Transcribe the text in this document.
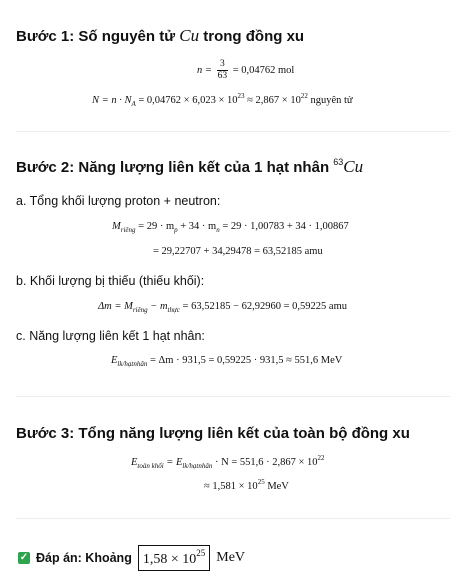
Bước 1: Số nguyên tử Cu trong đồng xu
$n = \frac{3}{63} = 0,04762$ mol
$N = n \cdot N_A = 0,04762 \times 6,023 \times 10^{23} \approx 2,867 \times 10^{22}$ nguyên tử
Bước 2: Năng lượng liên kết của 1 hạt nhân $^{63}$Cu
a. Tổng khối lượng proton + neutron:
$M_{riêng} = 29 \cdot m_p + 34 \cdot m_n = 29 \cdot 1,00783 + 34 \cdot 1,00867$
= 29,22707 + 34,29478 = 63,52185 amu
b. Khối lượng bị thiếu (thiếu khối):
$\Delta m = M_{riêng} - m_{thực} = 63,52185 - 62,92960 = 0,59225$ amu
c. Năng lượng liên kết 1 hạt nhân:
$E_{lk/hạtnhân} = \Delta m \cdot 931,5 = 0,59225 \cdot 931,5 \approx 551,6$ MeV
Bước 3: Tổng năng lượng liên kết của toàn bộ đồng xu
$E_{toàn khối} = E_{lk/hạtnhân} \cdot N = 551,6 \cdot 2,867 \times 10^{22}$
≈ $1,581 \times 10^{25}$ MeV
✓ Đáp án: Khoảng $1,58 \times 10^{25}$ MeV
